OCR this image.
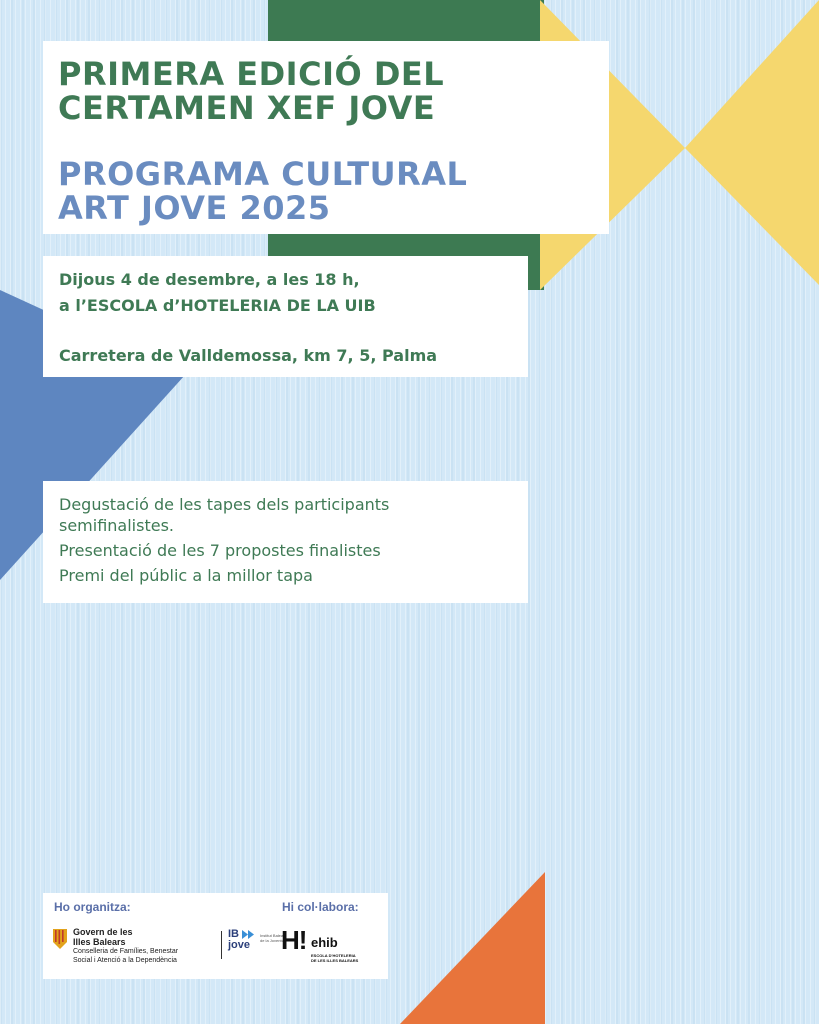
PRIMERA EDICIÓ DEL

CERTAMEN XEF JOVE

PROGRAMA CULTURAL

ART JOVE 2025

Dijous 4 de desembre, a les 18 h,

a l’ESCOLA d’HOTELERIA DE LA UIB

Carretera de Valldemossa, km 7, 5, Palma

Degustació de les tapes dels participants

semifinalistes.

Presentació de les 7 propostes finalistes

Premi del públic a la millor tapa

Ho organitza:	Hi col·labora:

Govern de les

Illes Balears

Conselleria de Famílies, Benestar

Social i Atenció a la Dependència

IB

jove

Institut Balear

de la Joventut

H! ehib

ESCOLA D'HOTELERIA

DE LES ILLES BALEARS
